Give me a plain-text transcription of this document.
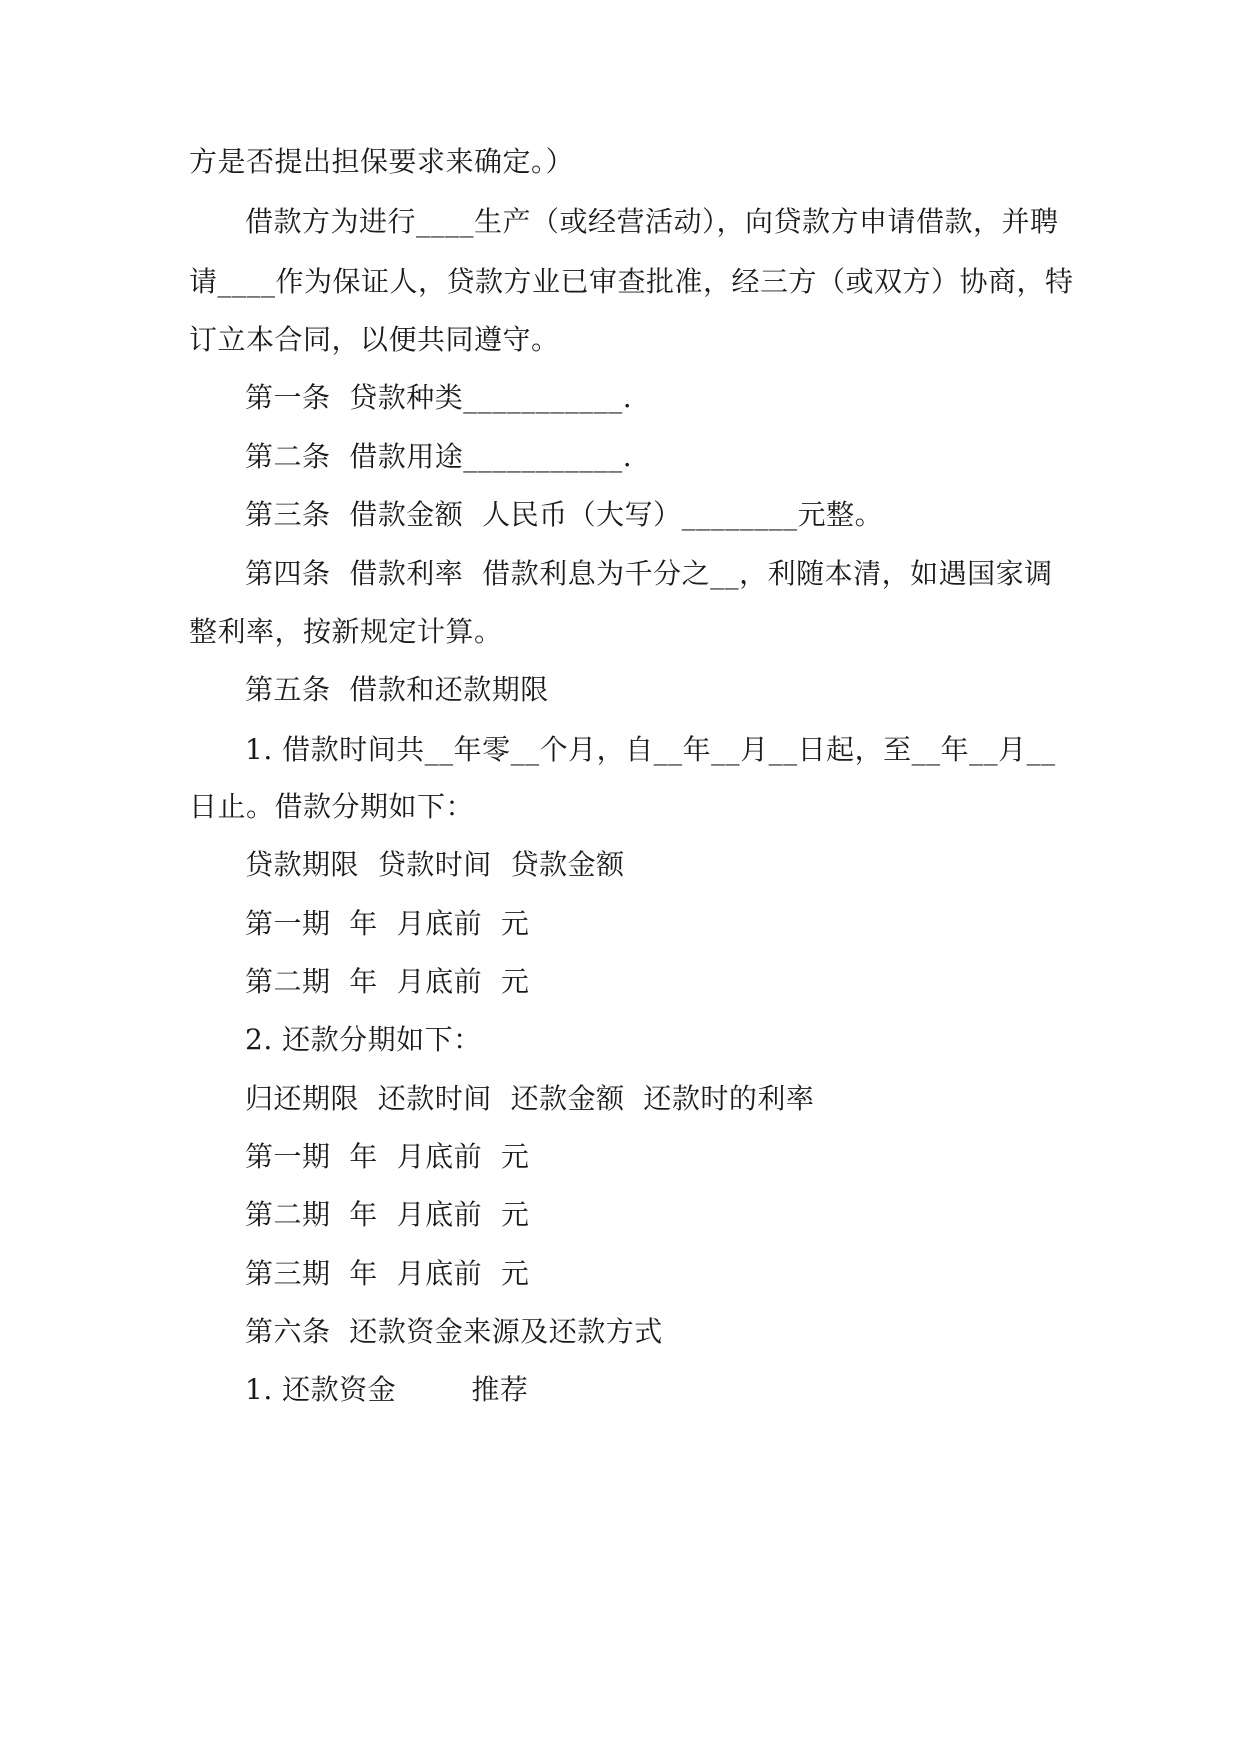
方是否提出担保要求来确定。）
借款方为进行____生产（或经营活动），向贷款方申请借款，并聘
请____作为保证人，贷款方业已审查批准，经三方（或双方）协商，特
订立本合同，以便共同遵守。
第一条  贷款种类___________.
第二条  借款用途___________.
第三条  借款金额  人民币（大写）________元整。
第四条  借款利率  借款利息为千分之__，利随本清，如遇国家调
整利率，按新规定计算。
第五条  借款和还款期限
1. 借款时间共__年零__个月，自__年__月__日起，至__年__月__
日止。借款分期如下：
贷款期限  贷款时间  贷款金额
第一期  年  月底前  元
第二期  年  月底前  元
2. 还款分期如下：
归还期限  还款时间  还款金额  还款时的利率
第一期  年  月底前  元
第二期  年  月底前  元
第三期  年  月底前  元
第六条  还款资金来源及还款方式
1. 还款资金        推荐
